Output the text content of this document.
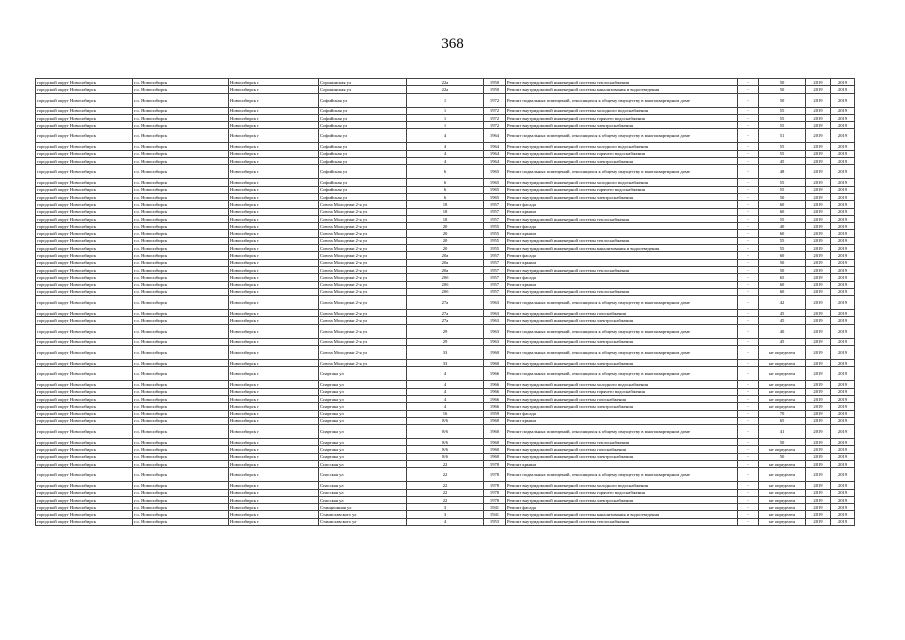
368
городской округ Новосибирск	г.о. Новосибирск	Новосибирск г	Сорокинская ул	22а	1950	Ремонт внутридомовой инженерной системы теплоснабжения	-	50	2019	2019
городской округ Новосибирск	г.о. Новосибирск	Новосибирск г	Сорокинская ул	22а	1950	Ремонт внутридомовой инженерной системы канализования и водоотведения	-	50	2019	2019
городской округ Новосибирск	г.о. Новосибирск	Новосибирск г	Софийская ул	1	1972	Ремонт подвальных помещений, относящихся к общему имуществу в многоквартирном доме	-	50	2019	2019
городской округ Новосибирск	г.о. Новосибирск	Новосибирск г	Софийская ул	1	1972	Ремонт внутридомовой инженерной системы холодного водоснабжения	-	55	2019	2019
городской округ Новосибирск	г.о. Новосибирск	Новосибирск г	Софийская ул	1	1972	Ремонт внутридомовой инженерной системы горячего водоснабжения	-	55	2019	2019
городской округ Новосибирск	г.о. Новосибирск	Новосибирск г	Софийская ул	1	1972	Ремонт внутридомовой инженерной системы электроснабжения	-	55	2019	2019
городской округ Новосибирск	г.о. Новосибирск	Новосибирск г	Софийская ул	4	1964	Ремонт подвальных помещений, относящихся к общему имуществу в многоквартирном доме	-	51	2019	2019
городской округ Новосибирск	г.о. Новосибирск	Новосибирск г	Софийская ул	4	1964	Ремонт внутридомовой инженерной системы холодного водоснабжения	-	55	2019	2019
городской округ Новосибирск	г.о. Новосибирск	Новосибирск г	Софийская ул	4	1964	Ремонт внутридомовой инженерной системы горячего водоснабжения	-	55	2019	2019
городской округ Новосибирск	г.о. Новосибирск	Новосибирск г	Софийская ул	4	1964	Ремонт внутридомовой инженерной системы электроснабжения	-	45	2019	2019
городской округ Новосибирск	г.о. Новосибирск	Новосибирск г	Софийская ул	6	1965	Ремонт подвальных помещений, относящихся к общему имуществу в многоквартирном доме	-	48	2019	2019
городской округ Новосибирск	г.о. Новосибирск	Новосибирск г	Софийская ул	6	1965	Ремонт внутридомовой инженерной системы холодного водоснабжения	-	55	2019	2019
городской округ Новосибирск	г.о. Новосибирск	Новосибирск г	Софийская ул	6	1965	Ремонт внутридомовой инженерной системы горячего водоснабжения	-	55	2019	2019
городской округ Новосибирск	г.о. Новосибирск	Новосибирск г	Софийская ул	6	1965	Ремонт внутридомовой инженерной системы электроснабжения	-	50	2019	2019
городской округ Новосибирск	г.о. Новосибирск	Новосибирск г	Союза Молодежи 2-я ул	18	1957	Ремонт фасада	-	60	2019	2019
городской округ Новосибирск	г.о. Новосибирск	Новосибирск г	Союза Молодежи 2-я ул	18	1957	Ремонт крыши	-	60	2019	2019
городской округ Новосибирск	г.о. Новосибирск	Новосибирск г	Союза Молодежи 2-я ул	18	1957	Ремонт внутридомовой инженерной системы теплоснабжения	-	55	2019	2019
городской округ Новосибирск	г.о. Новосибирск	Новосибирск г	Союза Молодежи 2-я ул	20	1955	Ремонт фасада	-	40	2019	2019
городской округ Новосибирск	г.о. Новосибирск	Новосибирск г	Союза Молодежи 2-я ул	20	1955	Ремонт крыши	-	60	2019	2019
городской округ Новосибирск	г.о. Новосибирск	Новосибирск г	Союза Молодежи 2-я ул	20	1955	Ремонт внутридомовой инженерной системы теплоснабжения	-	55	2019	2019
городской округ Новосибирск	г.о. Новосибирск	Новосибирск г	Союза Молодежи 2-я ул	20	1955	Ремонт внутридомовой инженерной системы канализования и водоотведения	-	55	2019	2019
городской округ Новосибирск	г.о. Новосибирск	Новосибирск г	Союза Молодежи 2-я ул	20а	1957	Ремонт фасада	-	60	2019	2019
городской округ Новосибирск	г.о. Новосибирск	Новосибирск г	Союза Молодежи 2-я ул	20а	1957	Ремонт крыши	-	50	2019	2019
городской округ Новосибирск	г.о. Новосибирск	Новосибирск г	Союза Молодежи 2-я ул	20а	1957	Ремонт внутридомовой инженерной системы теплоснабжения	-	50	2019	2019
городской округ Новосибирск	г.о. Новосибирск	Новосибирск г	Союза Молодежи 2-я ул	20б	1957	Ремонт фасада	-	65	2019	2019
городской округ Новосибирск	г.о. Новосибирск	Новосибирск г	Союза Молодежи 2-я ул	20б	1957	Ремонт крыши	-	60	2019	2019
городской округ Новосибирск	г.о. Новосибирск	Новосибирск г	Союза Молодежи 2-я ул	20б	1957	Ремонт внутридомовой инженерной системы теплоснабжения	-	60	2019	2019
городской округ Новосибирск	г.о. Новосибирск	Новосибирск г	Союза Молодежи 2-я ул	27а	1963	Ремонт подвальных помещений, относящихся к общему имуществу в многоквартирном доме	-	42	2019	2019
городской округ Новосибирск	г.о. Новосибирск	Новосибирск г	Союза Молодежи 2-я ул	27а	1963	Ремонт внутридомовой инженерной системы газоснабжения	-	45	2019	2019
городской округ Новосибирск	г.о. Новосибирск	Новосибирск г	Союза Молодежи 2-я ул	27а	1963	Ремонт внутридомовой инженерной системы электроснабжения	-	45	2019	2019
городской округ Новосибирск	г.о. Новосибирск	Новосибирск г	Союза Молодежи 2-я ул	29	1963	Ремонт подвальных помещений, относящихся к общему имуществу в многоквартирном доме	-	40	2019	2019
городской округ Новосибирск	г.о. Новосибирск	Новосибирск г	Союза Молодежи 2-я ул	29	1963	Ремонт внутридомовой инженерной системы электроснабжения	-	45	2019	2019
городской округ Новосибирск	г.о. Новосибирск	Новосибирск г	Союза Молодежи 2-я ул	33	1960	Ремонт подвальных помещений, относящихся к общему имуществу в многоквартирном доме	-	не определен	2019	2019
городской округ Новосибирск	г.о. Новосибирск	Новосибирск г	Союза Молодежи 2-я ул	33	1960	Ремонт внутридомовой инженерной системы электроснабжения	-	не определен	2019	2019
городской округ Новосибирск	г.о. Новосибирск	Новосибирск г	Спартака ул	4	1966	Ремонт подвальных помещений, относящихся к общему имуществу в многоквартирном доме	-	не определен	2019	2019
городской округ Новосибирск	г.о. Новосибирск	Новосибирск г	Спартака ул	4	1966	Ремонт внутридомовой инженерной системы холодного водоснабжения	-	не определен	2019	2019
городской округ Новосибирск	г.о. Новосибирск	Новосибирск г	Спартака ул	4	1966	Ремонт внутридомовой инженерной системы горячего водоснабжения	-	не определен	2019	2019
городской округ Новосибирск	г.о. Новосибирск	Новосибирск г	Спартака ул	4	1966	Ремонт внутридомовой инженерной системы газоснабжения	-	не определен	2019	2019
городской округ Новосибирск	г.о. Новосибирск	Новосибирск г	Спартака ул	4	1966	Ремонт внутридомовой инженерной системы электроснабжения	-	не определен	2019	2019
городской округ Новосибирск	г.о. Новосибирск	Новосибирск г	Спартака ул	16	1959	Ремонт фасада	-	70	2019	2019
городской округ Новосибирск	г.о. Новосибирск	Новосибирск г	Спартака ул	8/6	1960	Ремонт крыши	-	65	2019	2019
городской округ Новосибирск	г.о. Новосибирск	Новосибирск г	Спартака ул	8/6	1960	Ремонт подвальных помещений, относящихся к общему имуществу в многоквартирном доме	-	41	2019	2019
городской округ Новосибирск	г.о. Новосибирск	Новосибирск г	Спартака ул	8/6	1960	Ремонт внутридомовой инженерной системы теплоснабжения	-	50	2019	2019
городской округ Новосибирск	г.о. Новосибирск	Новосибирск г	Спартака ул	8/6	1960	Ремонт внутридомовой инженерной системы газоснабжения	-	не определен	2019	2019
городской округ Новосибирск	г.о. Новосибирск	Новосибирск г	Спартака ул	8/6	1960	Ремонт внутридомовой инженерной системы электроснабжения	-	50	2019	2019
городской округ Новосибирск	г.о. Новосибирск	Новосибирск г	Спасская ул	22	1978	Ремонт крыши	-	не определен	2019	2019
городской округ Новосибирск	г.о. Новосибирск	Новосибирск г	Спасская ул	22	1978	Ремонт подвальных помещений, относящихся к общему имуществу в многоквартирном доме	-	не определен	2019	2019
городской округ Новосибирск	г.о. Новосибирск	Новосибирск г	Спасская ул	22	1978	Ремонт внутридомовой инженерной системы холодного водоснабжения	-	не определен	2019	2019
городской округ Новосибирск	г.о. Новосибирск	Новосибирск г	Спасская ул	22	1978	Ремонт внутридомовой инженерной системы горячего водоснабжения	-	не определен	2019	2019
городской округ Новосибирск	г.о. Новосибирск	Новосибирск г	Спасская ул	22	1978	Ремонт внутридомовой инженерной системы электроснабжения	-	не определен	2019	2019
городской округ Новосибирск	г.о. Новосибирск	Новосибирск г	Станционная ул	3	1941	Ремонт фасада	-	не определен	2019	2019
городской округ Новосибирск	г.о. Новосибирск	Новосибирск г	Станиславского ул	3	1941	Ремонт внутридомовой инженерной системы канализования и водоотведения	-	не определен	2019	2019
городской округ Новосибирск	г.о. Новосибирск	Новосибирск г	Станиславского ул	4	1953	Ремонт внутридомовой инженерной системы теплоснабжения	-	не определен	2019	2019
